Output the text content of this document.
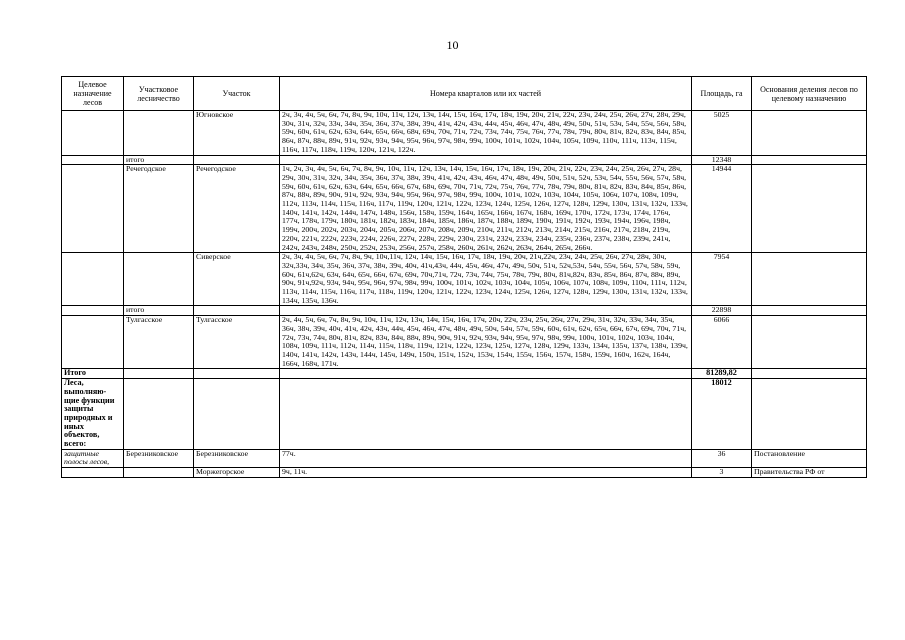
10
Целевое назначение лесов	Участковое лесничество	Участок	Номера кварталов или их частей	Площадь, га	Основания деления лесов по целевому назначению
		Югновское	2ч, 3ч, 4ч, 5ч, 6ч, 7ч, 8ч, 9ч, 10ч, 11ч, 12ч, 13ч, 14ч, 15ч, 16ч, 17ч, 18ч, 19ч, 20ч, 21ч, 22ч, 23ч, 24ч, 25ч, 26ч, 27ч, 28ч, 29ч, 30ч, 31ч, 32ч, 33ч, 34ч, 35ч, 36ч, 37ч, 38ч, 39ч, 41ч, 42ч, 43ч, 44ч, 45ч, 46ч, 47ч, 48ч, 49ч, 50ч, 51ч, 53ч, 54ч, 55ч, 56ч, 58ч, 59ч, 60ч, 61ч, 62ч, 63ч, 64ч, 65ч, 66ч, 68ч, 69ч, 70ч, 71ч, 72ч, 73ч, 74ч, 75ч, 76ч, 77ч, 78ч, 79ч, 80ч, 81ч, 82ч, 83ч, 84ч, 85ч, 86ч, 87ч, 88ч, 89ч, 91ч, 92ч, 93ч, 94ч, 95ч, 96ч, 97ч, 98ч, 99ч, 100ч, 101ч, 102ч, 104ч, 105ч, 109ч, 110ч, 111ч, 113ч, 115ч, 116ч, 117ч, 118ч, 119ч, 120ч, 121ч, 122ч.	5025	
	итого			12348	
	Речегодское	Речегодское	1ч, 2ч, 3ч, 4ч, 5ч, 6ч, 7ч, 8ч, 9ч, 10ч, 11ч, 12ч, 13ч, 14ч, 15ч, 16ч, 17ч, 18ч, 19ч, 20ч, 21ч, 22ч, 23ч, 24ч, 25ч, 26ч, 27ч, 28ч, 29ч, 30ч, 31ч, 32ч, 34ч, 35ч, 36ч, 37ч, 38ч, 39ч, 41ч, 42ч, 43ч, 46ч, 47ч, 48ч, 49ч, 50ч, 51ч, 52ч, 53ч, 54ч, 55ч, 56ч, 57ч, 58ч, 59ч, 60ч, 61ч, 62ч, 63ч, 64ч, 65ч, 66ч, 67ч, 68ч, 69ч, 70ч, 71ч, 72ч, 75ч, 76ч, 77ч, 78ч, 79ч, 80ч, 81ч, 82ч, 83ч, 84ч, 85ч, 86ч, 87ч, 88ч, 89ч, 90ч, 91ч, 92ч, 93ч, 94ч, 95ч, 96ч, 97ч, 98ч, 99ч, 100ч, 101ч, 102ч, 103ч, 104ч, 105ч, 106ч, 107ч, 108ч, 109ч, 112ч, 113ч, 114ч, 115ч, 116ч, 117ч, 119ч, 120ч, 121ч, 122ч, 123ч, 124ч, 125ч, 126ч, 127ч, 128ч, 129ч, 130ч, 131ч, 132ч, 133ч, 140ч, 141ч, 142ч, 144ч, 147ч, 148ч, 156ч, 158ч, 159ч, 164ч, 165ч, 166ч, 167ч, 168ч, 169ч, 170ч, 172ч, 173ч, 174ч, 176ч, 177ч, 178ч, 179ч, 180ч, 181ч, 182ч, 183ч, 184ч, 185ч, 186ч, 187ч, 188ч, 189ч, 190ч, 191ч, 192ч, 193ч, 194ч, 196ч, 198ч, 199ч, 200ч, 202ч, 203ч, 204ч, 205ч, 206ч, 207ч, 208ч, 209ч, 210ч, 211ч, 212ч, 213ч, 214ч, 215ч, 216ч, 217ч, 218ч, 219ч, 220ч, 221ч, 222ч, 223ч, 224ч, 226ч, 227ч, 228ч, 229ч, 230ч, 231ч, 232ч, 233ч, 234ч, 235ч, 236ч, 237ч, 238ч, 239ч, 241ч, 242ч, 243ч, 248ч, 250ч, 252ч, 253ч, 256ч, 257ч, 258ч, 260ч, 261ч, 262ч, 263ч, 264ч, 265ч, 266ч.	14944	
		Сиверское	2ч, 3ч, 4ч, 5ч, 6ч, 7ч, 8ч, 9ч, 10ч,11ч, 12ч, 14ч, 15ч, 16ч, 17ч, 18ч, 19ч, 20ч, 21ч,22ч, 23ч, 24ч, 25ч, 26ч, 27ч, 28ч, 30ч, 32ч,33ч, 34ч, 35ч, 36ч, 37ч, 38ч, 39ч, 40ч, 41ч,43ч, 44ч, 45ч, 46ч, 47ч, 49ч, 50ч, 51ч, 52ч,53ч, 54ч, 55ч, 56ч, 57ч, 58ч, 59ч, 60ч, 61ч,62ч, 63ч, 64ч, 65ч, 66ч, 67ч, 69ч, 70ч,71ч, 72ч, 73ч, 74ч, 75ч, 78ч, 79ч, 80ч, 81ч,82ч, 83ч, 85ч, 86ч, 87ч, 88ч, 89ч, 90ч, 91ч,92ч, 93ч, 94ч, 95ч, 96ч, 97ч, 98ч, 99ч, 100ч, 101ч, 102ч, 103ч, 104ч, 105ч, 106ч, 107ч, 108ч, 109ч, 110ч, 111ч, 112ч, 113ч, 114ч, 115ч, 116ч, 117ч, 118ч, 119ч, 120ч, 121ч, 122ч, 123ч, 124ч, 125ч, 126ч, 127ч, 128ч, 129ч, 130ч, 131ч, 132ч, 133ч, 134ч, 135ч, 136ч.	7954	
	итого			22898	
	Тулгасское	Тулгасское	2ч, 4ч, 5ч, 6ч, 7ч, 8ч, 9ч, 10ч, 11ч, 12ч, 13ч, 14ч, 15ч, 16ч, 17ч, 20ч, 22ч, 23ч, 25ч, 26ч, 27ч, 29ч, 31ч, 32ч, 33ч, 34ч, 35ч, 36ч, 38ч, 39ч, 40ч, 41ч, 42ч, 43ч, 44ч, 45ч, 46ч, 47ч, 48ч, 49ч, 50ч, 54ч, 57ч, 59ч, 60ч, 61ч, 62ч, 65ч, 66ч, 67ч, 69ч, 70ч, 71ч, 72ч, 73ч, 74ч, 80ч, 81ч, 82ч, 83ч, 84ч, 88ч, 89ч, 90ч, 91ч, 92ч, 93ч, 94ч, 95ч, 97ч, 98ч, 99ч, 100ч, 101ч, 102ч, 103ч, 104ч, 108ч, 109ч, 111ч, 112ч, 114ч, 115ч, 118ч, 119ч, 121ч, 122ч, 123ч, 125ч, 127ч, 128ч, 129ч, 133ч, 134ч, 135ч, 137ч, 138ч, 139ч, 140ч, 141ч, 142ч, 143ч, 144ч, 145ч, 149ч, 150ч, 151ч, 152ч, 153ч, 154ч, 155ч, 156ч, 157ч, 158ч, 159ч, 160ч, 162ч, 164ч, 166ч, 168ч, 171ч.	6066	
Итого				81289,82	
Леса, выполняю-щие функции защиты природных и иных объектов, всего:				18012	
защитные полосы лесов,	Березниковское	Березниковское	77ч.	36	Постановление
		Моржегорское	9ч, 11ч.	3	Правительства РФ от
